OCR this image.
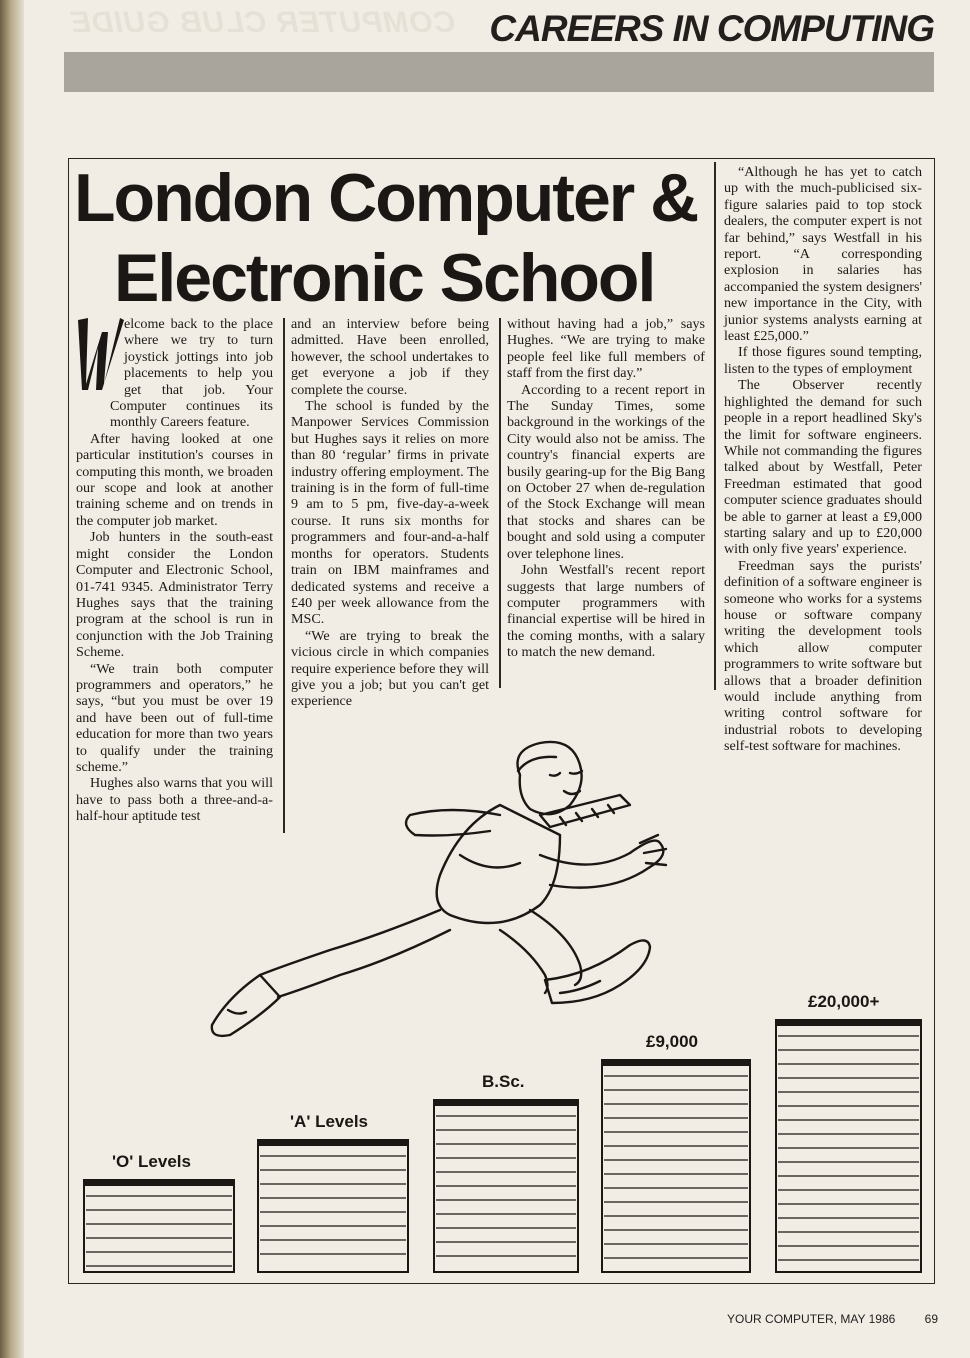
COMPUTER CLUB GUIDE CAREERS IN COMPUTING
London Computer &
Electronic School

elcome back to the place where we try to turn joystick jottings into job placements to help you get that job. Your Computer continues its monthly Careers feature.

After having looked at one particular institution's courses in computing this month, we broaden our scope and look at another training scheme and on trends in the computer job market.

Job hunters in the south-east might consider the London Computer and Electronic School, 01-741 9345. Administrator Terry Hughes says that the training program at the school is run in conjunction with the Job Training Scheme.

“We train both computer programmers and operators,” he says, “but you must be over 19 and have been out of full-time education for more than two years to qualify under the training scheme.”

Hughes also warns that you will have to pass both a three-and-a-half-hour aptitude test

and an interview before being admitted. Have been enrolled, however, the school undertakes to get everyone a job if they complete the course.

The school is funded by the Manpower Services Commission but Hughes says it relies on more than 80 ‘regular’ firms in private industry offering employment. The training is in the form of full-time 9 am to 5 pm, five-day-a-week course. It runs six months for programmers and four-and-a-half months for operators. Students train on IBM mainframes and dedicated systems and receive a £40 per week allowance from the MSC.

“We are trying to break the vicious circle in which companies require experience before they will give you a job; but you can't get experience

without having had a job,” says Hughes. “We are trying to make people feel like full members of staff from the first day.”

According to a recent report in The Sunday Times, some background in the workings of the City would also not be amiss. The country's financial experts are busily gearing-up for the Big Bang on October 27 when de-regulation of the Stock Exchange will mean that stocks and shares can be bought and sold using a computer over telephone lines.

John Westfall's recent report suggests that large numbers of computer programmers with financial expertise will be hired in the coming months, with a salary to match the new demand.

“Although he has yet to catch up with the much-publicised six-figure salaries paid to top stock dealers, the computer expert is not far behind,” says Westfall in his report. “A corresponding explosion in salaries has accompanied the system designers' new importance in the City, with junior systems analysts earning at least £25,000.”

If those figures sound tempting, listen to the types of employment

The Observer recently highlighted the demand for such people in a report headlined Sky's the limit for software engineers. While not commanding the figures talked about by Westfall, Peter Freedman estimated that good computer science graduates should be able to garner at least a £9,000 starting salary and up to £20,000 with only five years' experience.

Freedman says the purists' definition of a software engineer is someone who works for a systems house or software company writing the development tools which allow computer programmers to write software but allows that a broader definition would include anything from writing control software for industrial robots to developing self-test software for machines.

YOUR COMPUTER, MAY 1986 69
'O' Levels
'A' Levels
B.Sc.
£9,000
£20,000+
